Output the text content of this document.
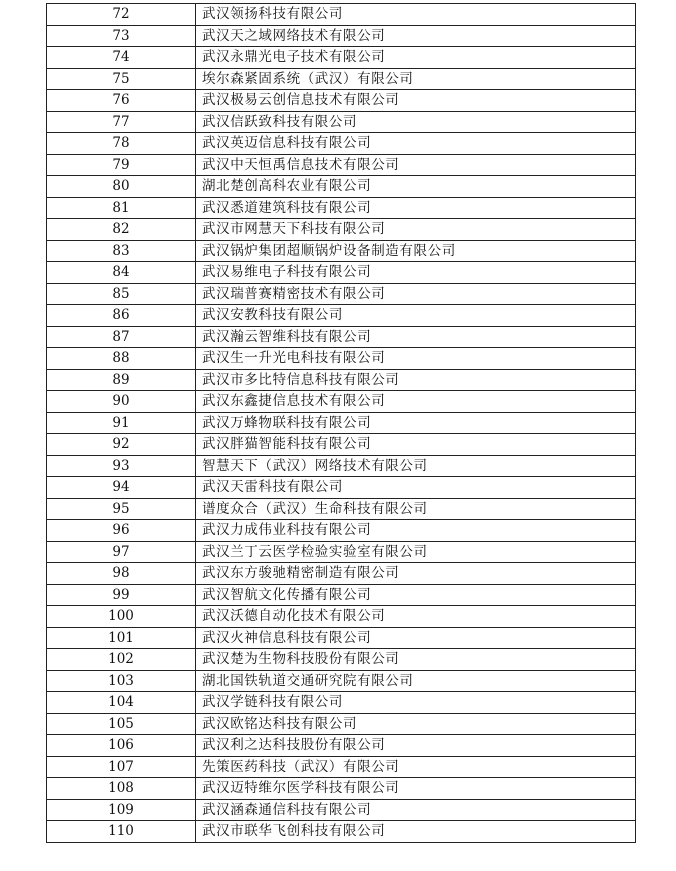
72	武汉领扬科技有限公司
73	武汉天之域网络技术有限公司
74	武汉永鼎光电子技术有限公司
75	埃尔森紧固系统（武汉）有限公司
76	武汉极易云创信息技术有限公司
77	武汉信跃致科技有限公司
78	武汉英迈信息科技有限公司
79	武汉中天恒禹信息技术有限公司
80	湖北楚创高科农业有限公司
81	武汉悉道建筑科技有限公司
82	武汉市网慧天下科技有限公司
83	武汉锅炉集团超顺锅炉设备制造有限公司
84	武汉易维电子科技有限公司
85	武汉瑞普赛精密技术有限公司
86	武汉安教科技有限公司
87	武汉瀚云智维科技有限公司
88	武汉生一升光电科技有限公司
89	武汉市多比特信息科技有限公司
90	武汉东鑫捷信息技术有限公司
91	武汉万蜂物联科技有限公司
92	武汉胖猫智能科技有限公司
93	智慧天下（武汉）网络技术有限公司
94	武汉天雷科技有限公司
95	谱度众合（武汉）生命科技有限公司
96	武汉力成伟业科技有限公司
97	武汉兰丁云医学检验实验室有限公司
98	武汉东方骏驰精密制造有限公司
99	武汉智航文化传播有限公司
100	武汉沃德自动化技术有限公司
101	武汉火神信息科技有限公司
102	武汉楚为生物科技股份有限公司
103	湖北国铁轨道交通研究院有限公司
104	武汉学链科技有限公司
105	武汉欧铭达科技有限公司
106	武汉利之达科技股份有限公司
107	先策医药科技（武汉）有限公司
108	武汉迈特维尔医学科技有限公司
109	武汉涵森通信科技有限公司
110	武汉市联华飞创科技有限公司
